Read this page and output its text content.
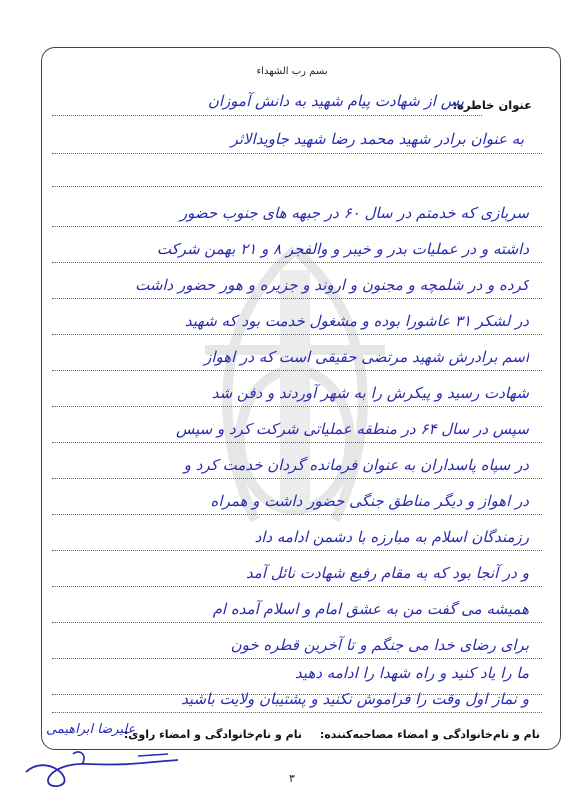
بسم رب الشهداء
عنوان خاطره:
پس از شهادت پیام شهید به دانش آموزان
به عنوان برادر شهید محمد رضا شهید جاویدالاثر
سربازی که خدمتم در سال ۶۰ در جبهه های جنوب حضور
داشته و در عملیات بدر و خیبر و والفجر ۸ و ۲۱ بهمن شرکت
کرده و در شلمچه و مجنون و اروند و جزیره و هور حضور داشت
در لشکر ۳۱ عاشورا بوده و مشغول خدمت بود که شهید
اسم برادرش شهید مرتضی حقیقی است که در اهواز
شهادت رسید و پیکرش را به شهر آوردند و دفن شد
سپس در سال ۶۴ در منطقه عملیاتی شرکت کرد و سپس
در سپاه پاسداران به عنوان فرمانده گردان خدمت کرد و
در اهواز و دیگر مناطق جنگی حضور داشت و همراه
رزمندگان اسلام به مبارزه با دشمن ادامه داد
و در آنجا بود که به مقام رفیع شهادت نائل آمد
همیشه می گفت من به عشق امام و اسلام آمده ام
برای رضای خدا می جنگم و تا آخرین قطره خون
ما را یاد کنید و راه شهدا را ادامه دهید
و نماز اول وقت را فراموش نکنید و پشتیبان ولایت باشید
نام و نام‌خانوادگی و امضاء مصاحبه‌کننده:
نام و نام‌خانوادگی و امضاء راوی:
علیرضا ابراهیمی
۳
